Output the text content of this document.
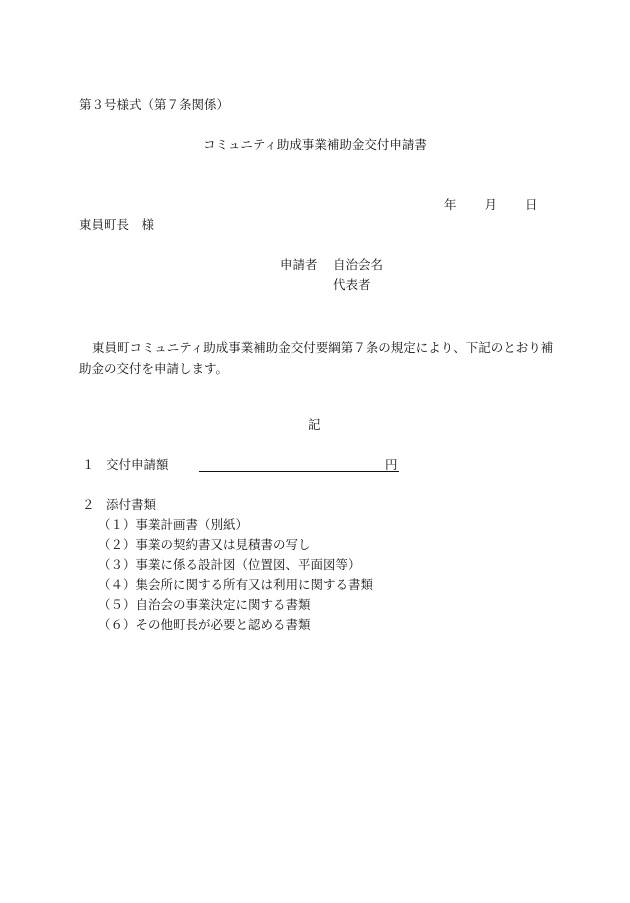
第３号様式（第７条関係）
コミュニティ助成事業補助金交付申請書
年 月 日
東員町長　様
申請者 自治会名
代表者
東員町コミュニティ助成事業補助金交付要綱第７条の規定により、下記のとおり補助金の交付を申請します。
記
１ 交付申請額	円
２ 添付書類
（１）事業計画書（別紙）
（２）事業の契約書又は見積書の写し
（３）事業に係る設計図（位置図、平面図等）
（４）集会所に関する所有又は利用に関する書類
（５）自治会の事業決定に関する書類
（６）その他町長が必要と認める書類
